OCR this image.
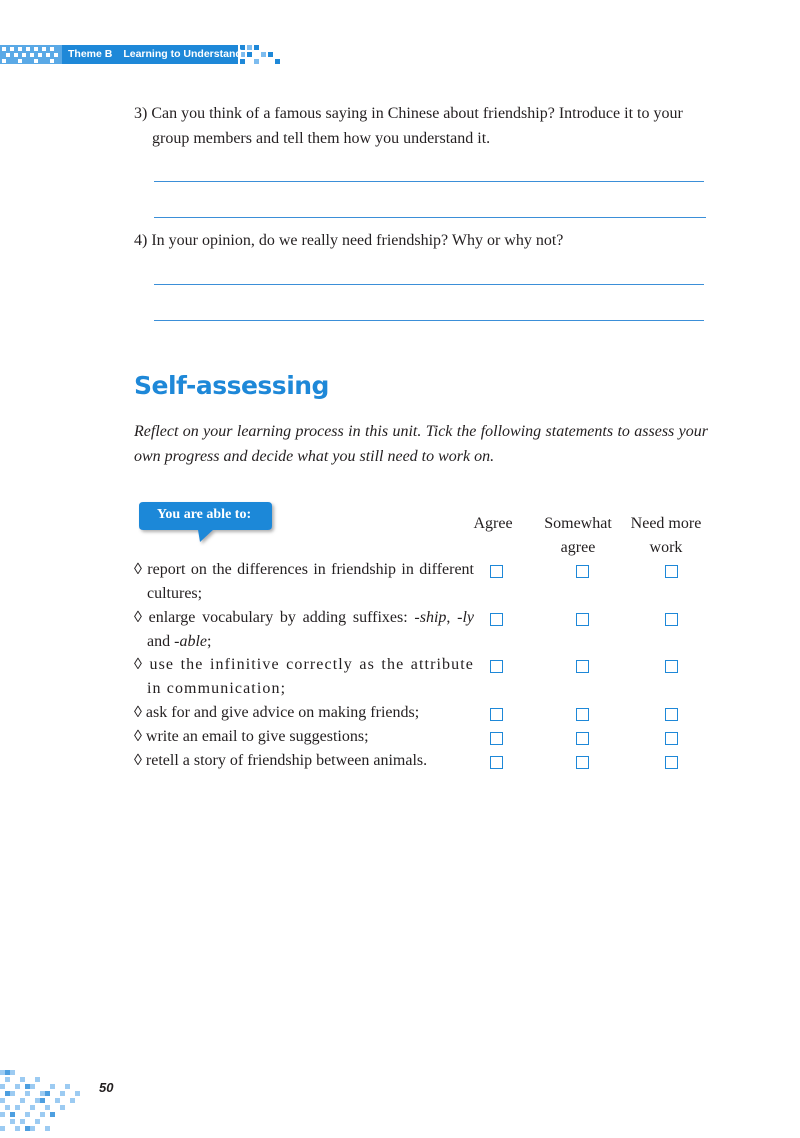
Theme B Learning to Understand
3) Can you think of a famous saying in Chinese about friendship? Introduce it to your
group members and tell them how you understand it.
4) In your opinion, do we really need friendship? Why or why not?
Self-assessing
Reflect on your learning process in this unit. Tick the following statements to assess your own progress and decide what you still need to work on.
You are able to:
Agree	Somewhat
agree
Need more
work
◊ report on the differences in friendship in different cultures;
◊ enlarge vocabulary by adding suffixes: -ship, -ly and -able;
◊ use the infinitive correctly as the attribute in communication;
◊ ask for and give advice on making friends;
◊ write an email to give suggestions;
◊ retell a story of friendship between animals.
50
